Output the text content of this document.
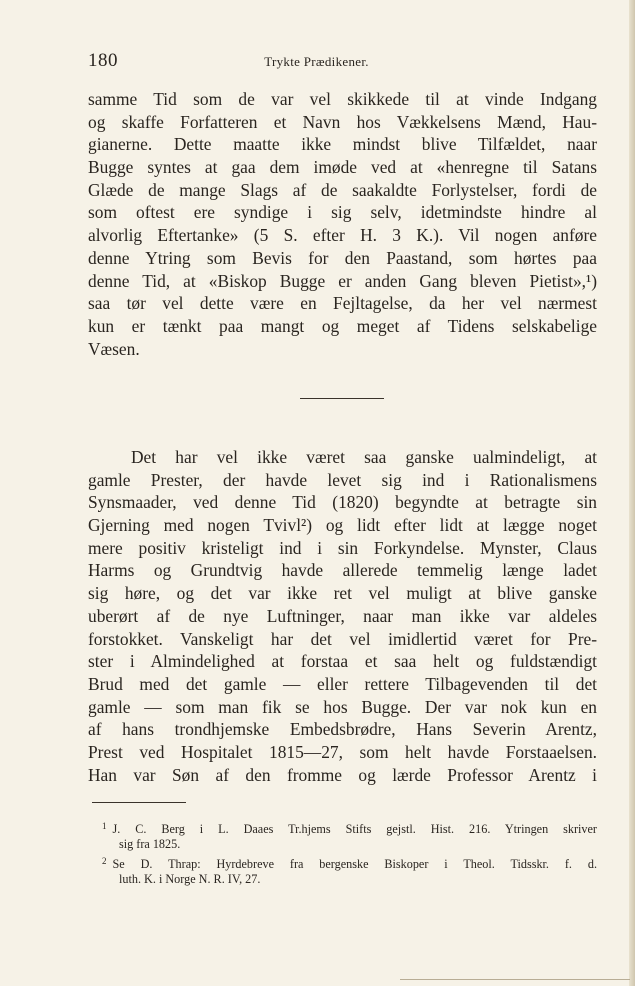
180	Trykte Prædikener.
samme Tid som de var vel skikkede til at vinde Indgang
og skaffe Forfatteren et Navn hos Vækkelsens Mænd, Hau-
gianerne. Dette maatte ikke mindst blive Tilfældet, naar
Bugge syntes at gaa dem imøde ved at «henregne til Satans
Glæde de mange Slags af de saakaldte Forlystelser, fordi de
som oftest ere syndige i sig selv, idetmindste hindre al
alvorlig Eftertanke» (5 S. efter H. 3 K.). Vil nogen anføre
denne Ytring som Bevis for den Paastand, som hørtes paa
denne Tid, at «Biskop Bugge er anden Gang bleven Pietist»,¹)
saa tør vel dette være en Fejltagelse, da her vel nærmest
kun er tænkt paa mangt og meget af Tidens selskabelige
Væsen.
Det har vel ikke været saa ganske ualmindeligt, at
gamle Prester, der havde levet sig ind i Rationalismens
Synsmaader, ved denne Tid (1820) begyndte at betragte sin
Gjerning med nogen Tvivl²) og lidt efter lidt at lægge noget
mere positiv kristeligt ind i sin Forkyndelse. Mynster, Claus
Harms og Grundtvig havde allerede temmelig længe ladet
sig høre, og det var ikke ret vel muligt at blive ganske
uberørt af de nye Luftninger, naar man ikke var aldeles
forstokket. Vanskeligt har det vel imidlertid været for Pre-
ster i Almindelighed at forstaa et saa helt og fuldstændigt
Brud med det gamle — eller rettere Tilbagevenden til det
gamle — som man fik se hos Bugge. Der var nok kun en
af hans trondhjemske Embedsbrødre, Hans Severin Arentz,
Prest ved Hospitalet 1815—27, som helt havde Forstaaelsen.
Han var Søn af den fromme og lærde Professor Arentz i
$^1$ J. C. Berg i L. Daaes Tr.hjems Stifts gejstl. Hist. 216. Ytringen skriver
sig fra 1825.
$^2$ Se D. Thrap: Hyrdebreve fra bergenske Biskoper i Theol. Tidsskr. f. d.
luth. K. i Norge N. R. IV, 27.
